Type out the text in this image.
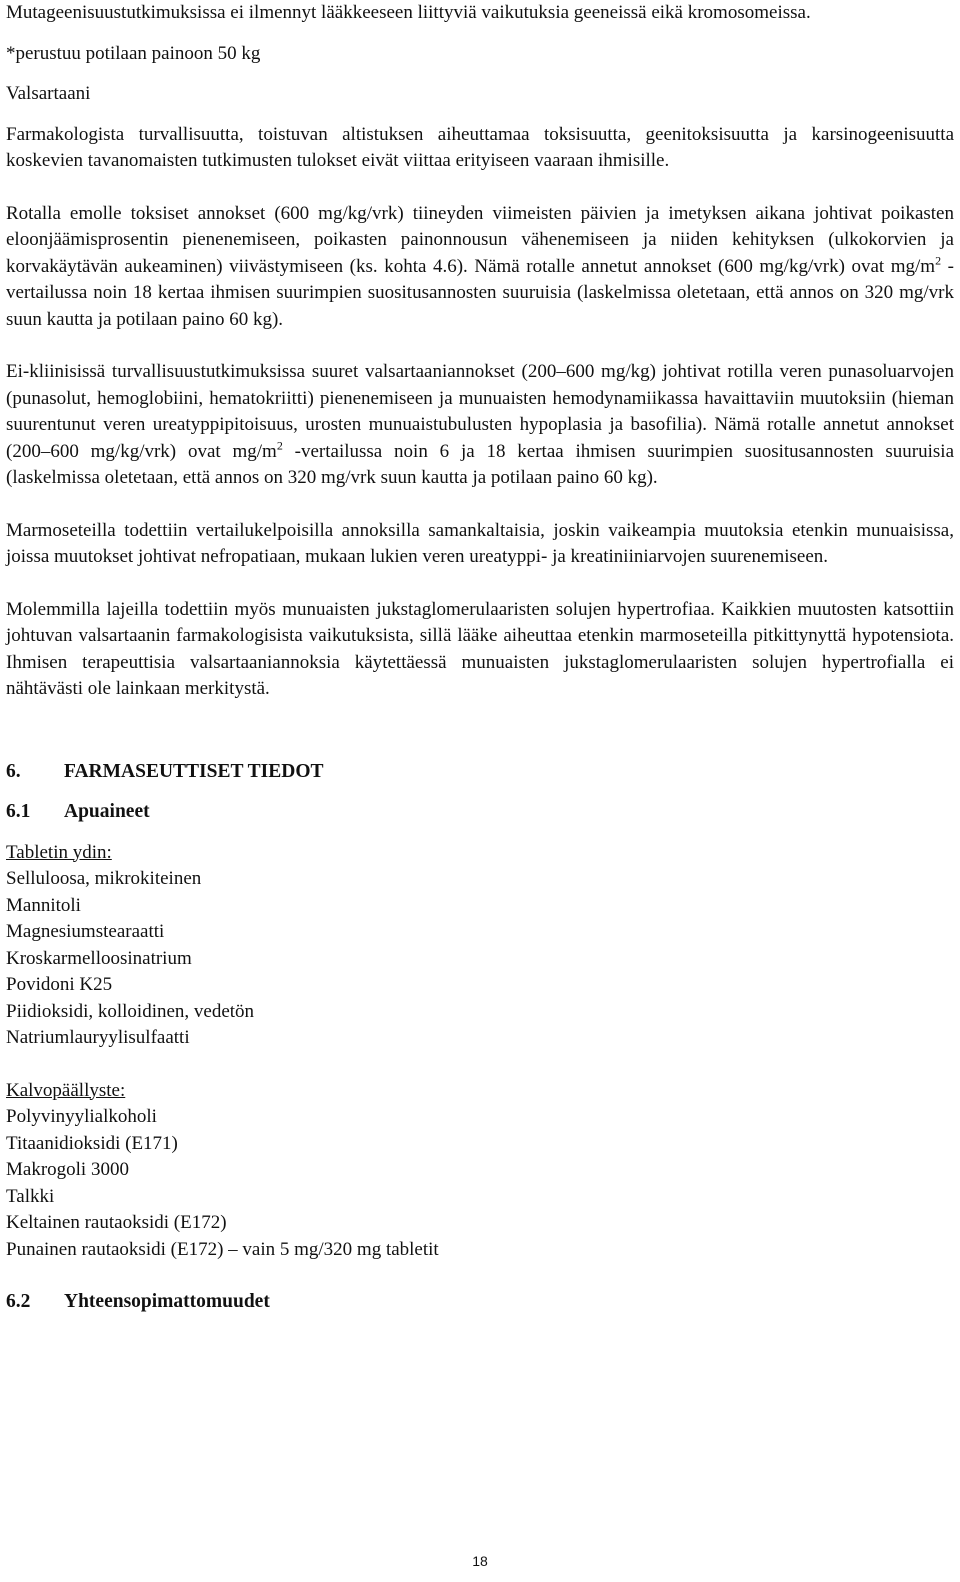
Mutageenisuustutkimuksissa ei ilmennyt lääkkeeseen liittyviä vaikutuksia geeneissä eikä kromosomeissa.

*perustuu potilaan painoon 50 kg

Valsartaani

Farmakologista turvallisuutta, toistuvan altistuksen aiheuttamaa toksisuutta, geenitoksisuutta ja karsinogeenisuutta koskevien tavanomaisten tutkimusten tulokset eivät viittaa erityiseen vaaraan ihmisille.

Rotalla emolle toksiset annokset (600 mg/kg/vrk) tiineyden viimeisten päivien ja imetyksen aikana johtivat poikasten eloonjäämisprosentin pienenemiseen, poikasten painonnousun vähenemiseen ja niiden kehityksen (ulkokorvien ja korvakäytävän aukeaminen) viivästymiseen (ks. kohta 4.6). Nämä rotalle annetut annokset (600 mg/kg/vrk) ovat $mg/m^2$ -vertailussa noin 18 kertaa ihmisen suurimpien suositusannosten suuruisia (laskelmissa oletetaan, että annos on 320 mg/vrk suun kautta ja potilaan paino 60 kg).

Ei-kliinisissä turvallisuustutkimuksissa suuret valsartaaniannokset (200–600 mg/kg) johtivat rotilla veren punasoluarvojen (punasolut, hemoglobiini, hematokriitti) pienenemiseen ja munuaisten hemodynamiikassa havaittaviin muutoksiin (hieman suurentunut veren ureatyppipitoisuus, urosten munuaistubulusten hypoplasia ja basofilia). Nämä rotalle annetut annokset (200–600 mg/kg/vrk) ovat $mg/m^2$ -vertailussa noin 6 ja 18 kertaa ihmisen suurimpien suositusannosten suuruisia (laskelmissa oletetaan, että annos on 320 mg/vrk suun kautta ja potilaan paino 60 kg).

Marmoseteilla todettiin vertailukelpoisilla annoksilla samankaltaisia, joskin vaikeampia muutoksia etenkin munuaisissa, joissa muutokset johtivat nefropatiaan, mukaan lukien veren ureatyppi- ja kreatiniiniarvojen suurenemiseen.

Molemmilla lajeilla todettiin myös munuaisten jukstaglomerulaaristen solujen hypertrofiaa. Kaikkien muutosten katsottiin johtuvan valsartaanin farmakologisista vaikutuksista, sillä lääke aiheuttaa etenkin marmoseteilla pitkittynyttä hypotensiota. Ihmisen terapeuttisia valsartaaniannoksia käytettäessä munuaisten jukstaglomerulaaristen solujen hypertrofialla ei nähtävästi ole lainkaan merkitystä.

6.	FARMASEUTTISET TIEDOT
6.1	Apuaineet

Tabletin ydin:

Selluloosa, mikrokiteinen
Mannitoli
Magnesiumstearaatti
Kroskarmelloosinatrium
Povidoni K25
Piidioksidi, kolloidinen, vedetön
Natriumlauryylisulfaatti

Kalvopäällyste:

Polyvinyylialkoholi
Titaanidioksidi (E171)
Makrogoli 3000
Talkki
Keltainen rautaoksidi (E172)
Punainen rautaoksidi (E172) – vain 5 mg/320 mg tabletit
6.2	Yhteensopimattomuudet
18
